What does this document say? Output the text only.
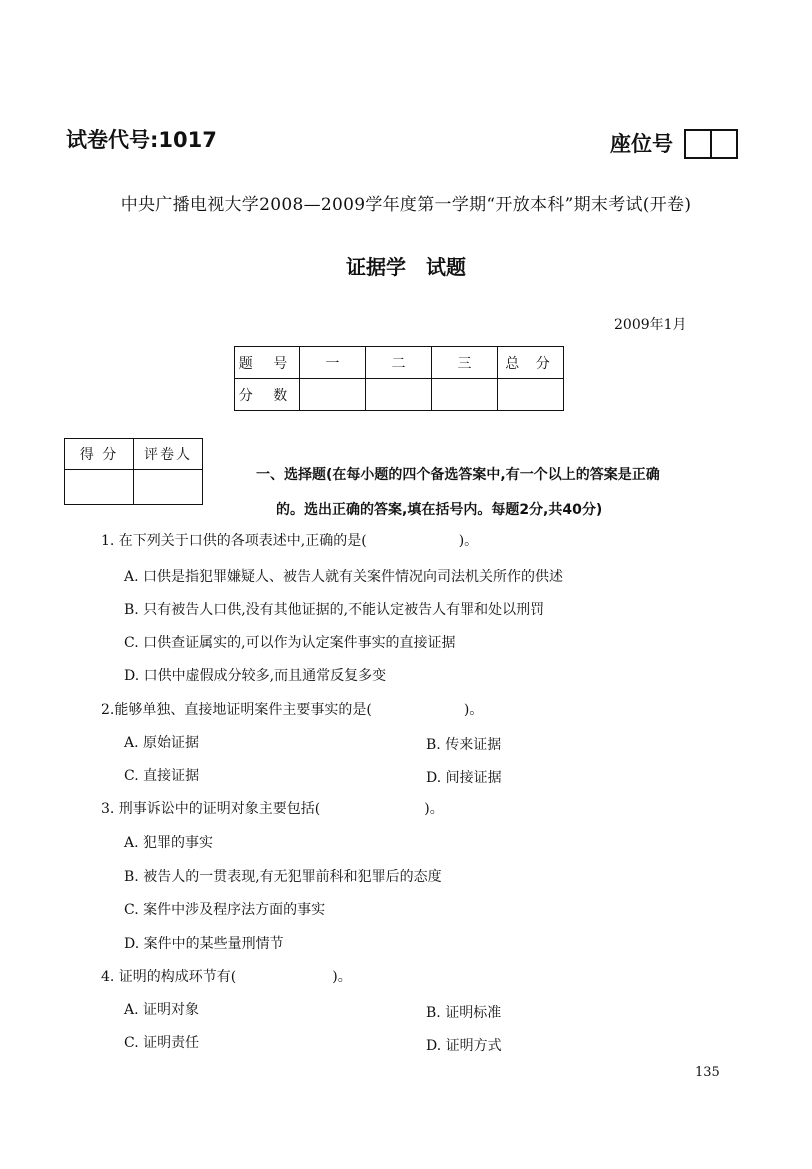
试卷代号:1017	座位号
中央广播电视大学2008—2009学年度第一学期“开放本科”期末考试(开卷)
证据学　试题
2009年1月
题 号	一	二	三	总 分
分 数				
得 分	评卷人

一、选择题(在每小题的四个备选答案中,有一个以上的答案是正确
的。选出正确的答案,填在括号内。每题2分,共40分)
1. 在下列关于口供的各项表述中,正确的是(	)。
A. 口供是指犯罪嫌疑人、被告人就有关案件情况向司法机关所作的供述
B. 只有被告人口供,没有其他证据的,不能认定被告人有罪和处以刑罚
C. 口供查证属实的,可以作为认定案件事实的直接证据
D. 口供中虚假成分较多,而且通常反复多变
2.能够单独、直接地证明案件主要事实的是(	)。
A. 原始证据	B. 传来证据
C. 直接证据	D. 间接证据
3. 刑事诉讼中的证明对象主要包括(	)。
A. 犯罪的事实
B. 被告人的一贯表现,有无犯罪前科和犯罪后的态度
C. 案件中涉及程序法方面的事实
D. 案件中的某些量刑情节
4. 证明的构成环节有(	)。
A. 证明对象	B. 证明标准
C. 证明责任	D. 证明方式
135
